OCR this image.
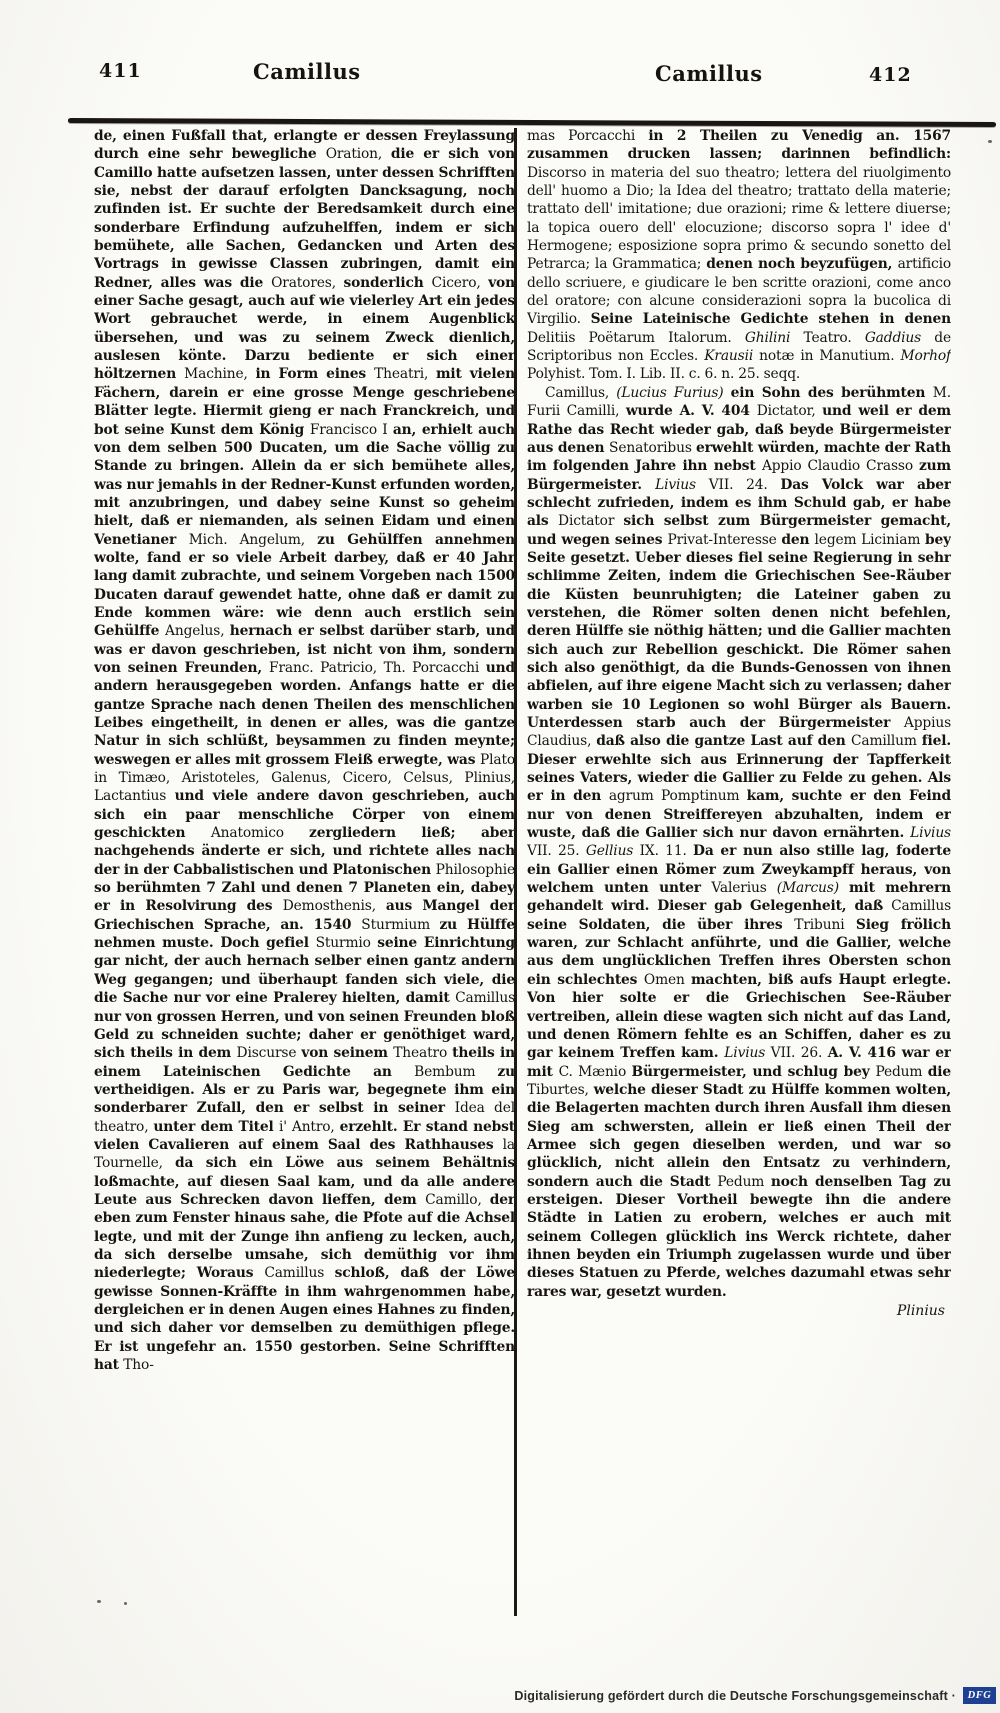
411	Camillus	Camillus	412

de, einen Fußfall that, erlangte er dessen Freylassung durch eine sehr bewegliche Oration, die er sich von Camillo hatte aufsetzen lassen, unter dessen Schrifften sie, nebst der darauf erfolgten Dancksagung, noch zufinden ist. Er suchte der Beredsamkeit durch eine sonderbare Erfindung aufzuhelffen, indem er sich bemühete, alle Sachen, Gedancken und Arten des Vortrags in gewisse Classen zubringen, damit ein Redner, alles was die Oratores, sonderlich Cicero, von einer Sache gesagt, auch auf wie vielerley Art ein jedes Wort gebrauchet werde, in einem Augenblick übersehen, und was zu seinem Zweck dienlich, auslesen könte. Darzu bediente er sich einer höltzernen Machine, in Form eines Theatri, mit vielen Fächern, darein er eine grosse Menge geschriebene Blätter legte. Hiermit gieng er nach Franckreich, und bot seine Kunst dem König Francisco I an, erhielt auch von dem selben 500 Ducaten, um die Sache völlig zu Stande zu bringen. Allein da er sich bemühete alles, was nur jemahls in der Redner-Kunst erfunden worden, mit anzubringen, und dabey seine Kunst so geheim hielt, daß er niemanden, als seinen Eidam und einen Venetianer Mich. Angelum, zu Gehülffen annehmen wolte, fand er so viele Arbeit darbey, daß er 40 Jahr lang damit zubrachte, und seinem Vorgeben nach 1500 Ducaten darauf gewendet hatte, ohne daß er damit zu Ende kommen wäre: wie denn auch erstlich sein Gehülffe Angelus, hernach er selbst darüber starb, und was er davon geschrieben, ist nicht von ihm, sondern von seinen Freunden, Franc. Patricio, Th. Porcacchi und andern herausgegeben worden. Anfangs hatte er die gantze Sprache nach denen Theilen des menschlichen Leibes eingetheilt, in denen er alles, was die gantze Natur in sich schlüßt, beysammen zu finden meynte; weswegen er alles mit grossem Fleiß erwegte, was Plato in Timæo, Aristoteles, Galenus, Cicero, Celsus, Plinius, Lactantius und viele andere davon geschrieben, auch sich ein paar menschliche Cörper von einem geschickten Anatomico zergliedern ließ; aber nachgehends änderte er sich, und richtete alles nach der in der Cabbalistischen und Platonischen Philosophie so berühmten 7 Zahl und denen 7 Planeten ein, dabey er in Resolvirung des Demosthenis, aus Mangel der Griechischen Sprache, an. 1540 Sturmium zu Hülffe nehmen muste. Doch gefiel Sturmio seine Einrichtung gar nicht, der auch hernach selber einen gantz andern Weg gegangen; und überhaupt fanden sich viele, die die Sache nur vor eine Pralerey hielten, damit Camillus nur von grossen Herren, und von seinen Freunden bloß Geld zu schneiden suchte; daher er genöthiget ward, sich theils in dem Discurse von seinem Theatro theils in einem Lateinischen Gedichte an Bembum zu vertheidigen. Als er zu Paris war, begegnete ihm ein sonderbarer Zufall, den er selbst in seiner Idea del theatro, unter dem Titel i' Antro, erzehlt. Er stand nebst vielen Cavalieren auf einem Saal des Rathhauses la Tournelle, da sich ein Löwe aus seinem Behältnis loßmachte, auf diesen Saal kam, und da alle andere Leute aus Schrecken davon lieffen, dem Camillo, der eben zum Fenster hinaus sahe, die Pfote auf die Achsel legte, und mit der Zunge ihn anfieng zu lecken, auch, da sich derselbe umsahe, sich demüthig vor ihm niederlegte; Woraus Camillus schloß, daß der Löwe gewisse Sonnen-Kräffte in ihm wahrgenommen habe, dergleichen er in denen Augen eines Hahnes zu finden, und sich daher vor demselben zu demüthigen pflege. Er ist ungefehr an. 1550 gestorben. Seine Schrifften hat Tho-

mas Porcacchi in 2 Theilen zu Venedig an. 1567 zusammen drucken lassen; darinnen befindlich: Discorso in materia del suo theatro; lettera del riuolgimento dell' huomo a Dio; la Idea del theatro; trattato della materie; trattato dell' imitatione; due orazioni; rime & lettere diuerse; la topica ouero dell' elocuzione; discorso sopra l' idee d' Hermogene; esposizione sopra primo & secundo sonetto del Petrarca; la Grammatica; denen noch beyzufügen, artificio dello scriuere, e giudicare le ben scritte orazioni, come anco del oratore; con alcune considerazioni sopra la bucolica di Virgilio. Seine Lateinische Gedichte stehen in denen Delitiis Poëtarum Italorum. Ghilini Teatro. Gaddius de Scriptoribus non Eccles. Krausii notæ in Manutium. Morhof Polyhist. Tom. I. Lib. II. c. 6. n. 25. seqq.

Camillus, (Lucius Furius) ein Sohn des berühmten M. Furii Camilli, wurde A. V. 404 Dictator, und weil er dem Rathe das Recht wieder gab, daß beyde Bürgermeister aus denen Senatoribus erwehlt würden, machte der Rath im folgenden Jahre ihn nebst Appio Claudio Crasso zum Bürgermeister. Livius VII. 24. Das Volck war aber schlecht zufrieden, indem es ihm Schuld gab, er habe als Dictator sich selbst zum Bürgermeister gemacht, und wegen seines Privat-Interesse den legem Liciniam bey Seite gesetzt. Ueber dieses fiel seine Regierung in sehr schlimme Zeiten, indem die Griechischen See-Räuber die Küsten beunruhigten; die Lateiner gaben zu verstehen, die Römer solten denen nicht befehlen, deren Hülffe sie nöthig hätten; und die Gallier machten sich auch zur Rebellion geschickt. Die Römer sahen sich also genöthigt, da die Bunds-Genossen von ihnen abfielen, auf ihre eigene Macht sich zu verlassen; daher warben sie 10 Legionen so wohl Bürger als Bauern. Unterdessen starb auch der Bürgermeister Appius Claudius, daß also die gantze Last auf den Camillum fiel. Dieser erwehlte sich aus Erinnerung der Tapfferkeit seines Vaters, wieder die Gallier zu Felde zu gehen. Als er in den agrum Pomptinum kam, suchte er den Feind nur von denen Streiffereyen abzuhalten, indem er wuste, daß die Gallier sich nur davon ernährten. Livius VII. 25. Gellius IX. 11. Da er nun also stille lag, foderte ein Gallier einen Römer zum Zweykampff heraus, von welchem unten unter Valerius (Marcus) mit mehrern gehandelt wird. Dieser gab Gelegenheit, daß Camillus seine Soldaten, die über ihres Tribuni Sieg frölich waren, zur Schlacht anführte, und die Gallier, welche aus dem unglücklichen Treffen ihres Obersten schon ein schlechtes Omen machten, biß aufs Haupt erlegte. Von hier solte er die Griechischen See-Räuber vertreiben, allein diese wagten sich nicht auf das Land, und denen Römern fehlte es an Schiffen, daher es zu gar keinem Treffen kam. Livius VII. 26. A. V. 416 war er mit C. Mænio Bürgermeister, und schlug bey Pedum die Tiburtes, welche dieser Stadt zu Hülffe kommen wolten, die Belagerten machten durch ihren Ausfall ihm diesen Sieg am schwersten, allein er ließ einen Theil der Armee sich gegen dieselben werden, und war so glücklich, nicht allein den Entsatz zu verhindern, sondern auch die Stadt Pedum noch denselben Tag zu ersteigen. Dieser Vortheil bewegte ihn die andere Städte in Latien zu erobern, welches er auch mit seinem Collegen glücklich ins Werck richtete, daher ihnen beyden ein Triumph zugelassen wurde und über dieses Statuen zu Pferde, welches dazumahl etwas sehr rares war, gesetzt wurden.

Plinius
Digitalisierung gefördert durch die Deutsche Forschungsgemeinschaft ·	DFG
